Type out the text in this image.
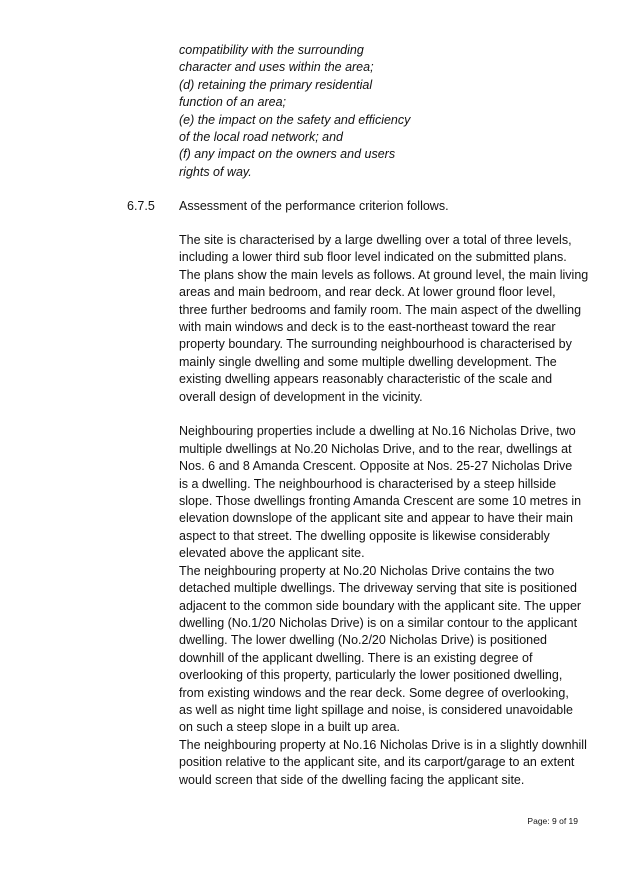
compatibility with the surrounding
character and uses within the area;
(d) retaining the primary residential
function of an area;
(e) the impact on the safety and efficiency
of the local road network; and
(f) any impact on the owners and users
rights of way.
6.7.5 Assessment of the performance criterion follows.
The site is characterised by a large dwelling over a total of three levels,
including a lower third sub floor level indicated on the submitted plans.
The plans show the main levels as follows. At ground level, the main living
areas and main bedroom, and rear deck. At lower ground floor level,
three further bedrooms and family room. The main aspect of the dwelling
with main windows and deck is to the east-northeast toward the rear
property boundary. The surrounding neighbourhood is characterised by
mainly single dwelling and some multiple dwelling development. The
existing dwelling appears reasonably characteristic of the scale and
overall design of development in the vicinity.
Neighbouring properties include a dwelling at No.16 Nicholas Drive, two
multiple dwellings at No.20 Nicholas Drive, and to the rear, dwellings at
Nos. 6 and 8 Amanda Crescent. Opposite at Nos. 25-27 Nicholas Drive
is a dwelling. The neighbourhood is characterised by a steep hillside
slope. Those dwellings fronting Amanda Crescent are some 10 metres in
elevation downslope of the applicant site and appear to have their main
aspect to that street. The dwelling opposite is likewise considerably
elevated above the applicant site.
The neighbouring property at No.20 Nicholas Drive contains the two
detached multiple dwellings. The driveway serving that site is positioned
adjacent to the common side boundary with the applicant site. The upper
dwelling (No.1/20 Nicholas Drive) is on a similar contour to the applicant
dwelling. The lower dwelling (No.2/20 Nicholas Drive) is positioned
downhill of the applicant dwelling. There is an existing degree of
overlooking of this property, particularly the lower positioned dwelling,
from existing windows and the rear deck. Some degree of overlooking,
as well as night time light spillage and noise, is considered unavoidable
on such a steep slope in a built up area.
The neighbouring property at No.16 Nicholas Drive is in a slightly downhill
position relative to the applicant site, and its carport/garage to an extent
would screen that side of the dwelling facing the applicant site.
Page: 9 of 19
